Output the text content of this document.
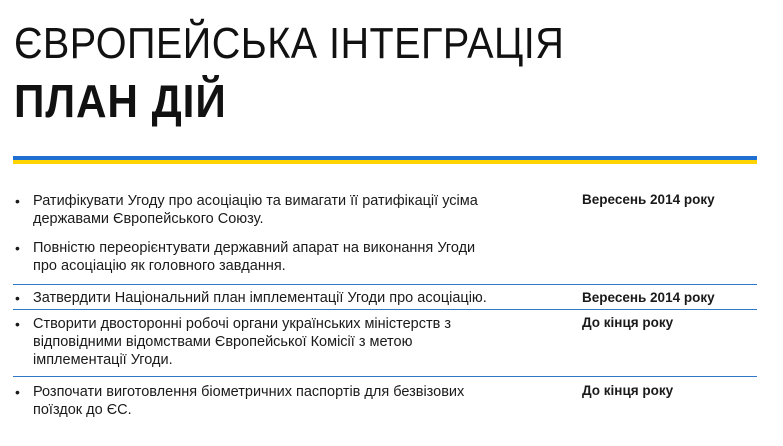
ЄВРОПЕЙСЬКА ІНТЕГРАЦІЯ
ПЛАН ДІЙ
• Ратифікувати Угоду про асоціацію та вимагати її ратифікації усіма державами Європейського Союзу.
• Повністю переорієнтувати державний апарат на виконання Угоди про асоціацію як головного завдання.
Вересень 2014 року
• Затвердити Національний план імплементації Угоди про асоціацію.	Вересень 2014 року
• Створити двосторонні робочі органи українських міністерств з відповідними відомствами Європейської Комісії з метою імплементації Угоди.
До кінця року
• Розпочати виготовлення біометричних паспортів для безвізових поїздок до ЄС.
До кінця року
